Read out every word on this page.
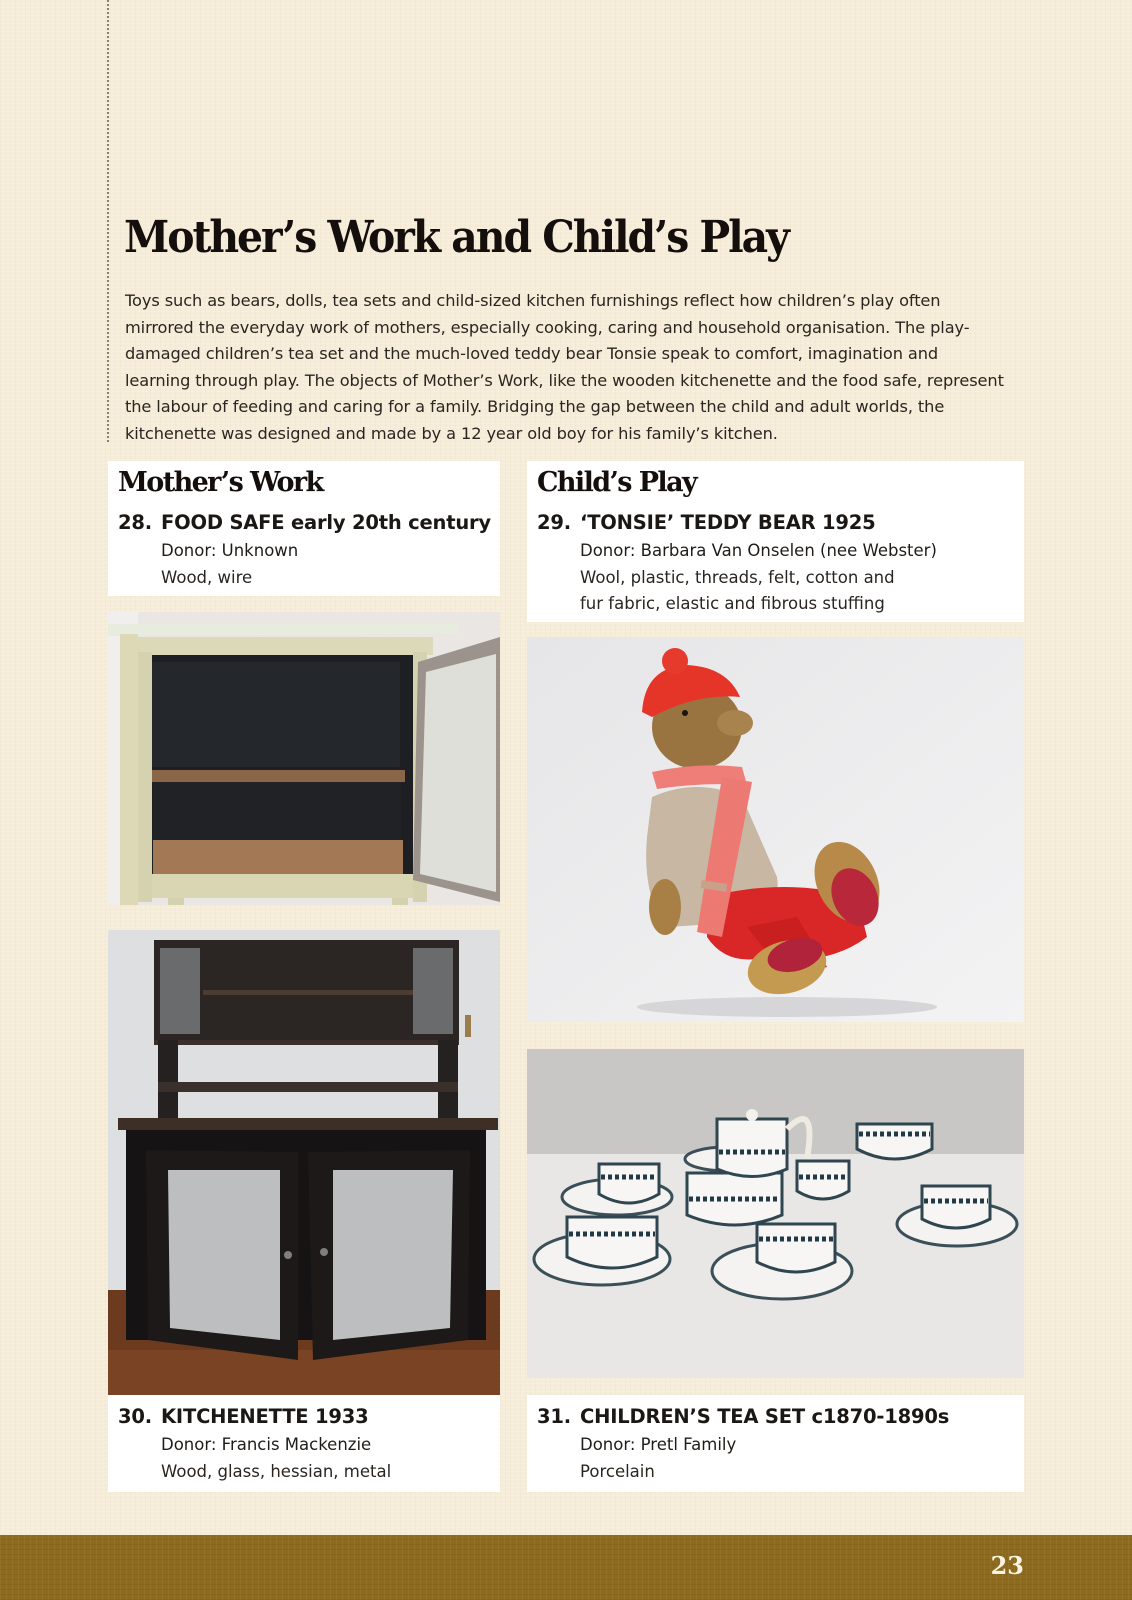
Mother’s Work and Child’s Play

Toys such as bears, dolls, tea sets and child-sized kitchen furnishings reflect how children’s play often mirrored the everyday work of mothers, especially cooking, caring and household organisation. The play-damaged children’s tea set and the much-loved teddy bear Tonsie speak to comfort, imagination and learning through play. The objects of Mother’s Work, like the wooden kitchenette and the food safe, represent the labour of feeding and caring for a family. Bridging the gap between the child and adult worlds, the kitchenette was designed and made by a 12 year old boy for his family’s kitchen.

Mother’s Work

28. FOOD SAFE early 20th century

Donor: Unknown

Wood, wire

Child’s Play

29. ‘TONSIE’ TEDDY BEAR 1925

Donor: Barbara Van Onselen (nee Webster)

Wool, plastic, threads, felt, cotton and

fur fabric, elastic and fibrous stuffing

30. KITCHENETTE 1933

Donor: Francis Mackenzie

Wood, glass, hessian, metal

31. CHILDREN’S TEA SET c1870-1890s

Donor: Pretl Family

Porcelain

23
